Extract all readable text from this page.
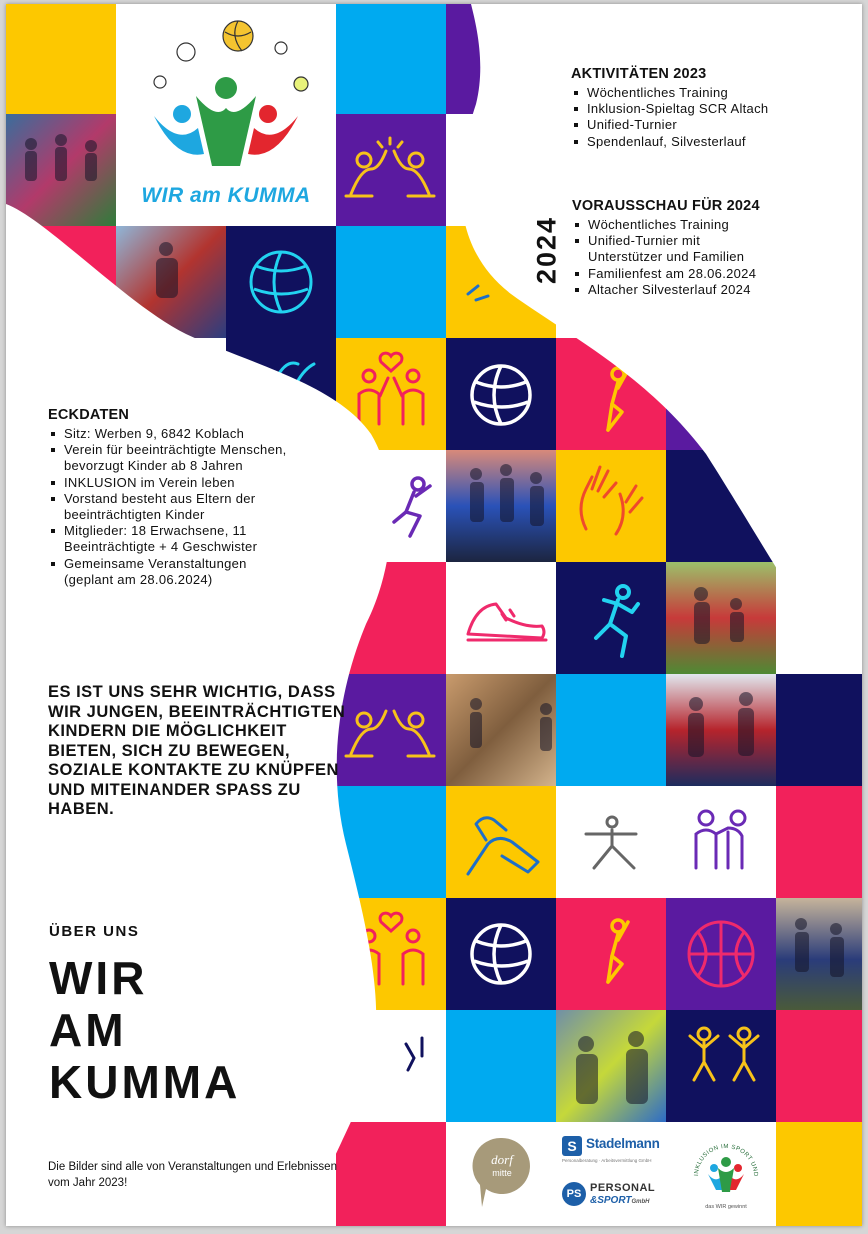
WIR am KUMMA
AKTIVITÄTEN 2023
Wöchentliches Training
Inklusion-Spieltag SCR Altach
Unified-Turnier
Spendenlauf, Silvesterlauf
2024
VORAUSSCHAU FÜR 2024
Wöchentliches Training
Unified-Turnier mit Unterstützer und Familien
Familienfest am 28.06.2024
Altacher Silvesterlauf 2024
ECKDATEN
Sitz: Werben 9, 6842 Koblach
Verein für beeinträchtigte Menschen, bevorzugt Kinder ab 8 Jahren
INKLUSION im Verein leben
Vorstand besteht aus Eltern der beeinträchtigten Kinder
Mitglieder: 18 Erwachsene, 11 Beeinträchtigte + 4 Geschwister
Gemeinsame Veranstaltungen (geplant am 28.06.2024)
ES IST UNS SEHR WICHTIG, DASS WIR JUNGEN, BEEINTRÄCHTIGTEN KINDERN DIE MÖGLICHKEIT BIETEN, SICH ZU BEWEGEN, SOZIALE KONTAKTE ZU KNÜPFEN UND MITEINANDER SPASS ZU HABEN.
ÜBER UNS
WIR
AM
KUMMA
Die Bilder sind alle von Veranstaltungen und Erlebnissen vom Jahr 2023!
dorf
mitte
S Stadelmann
Personalberatung · Arbeitsvermittlung GmbH
PS PERSONAL
&SPORTGmbH
INKLUSION IM SPORT UND
das WIR gewinnt
